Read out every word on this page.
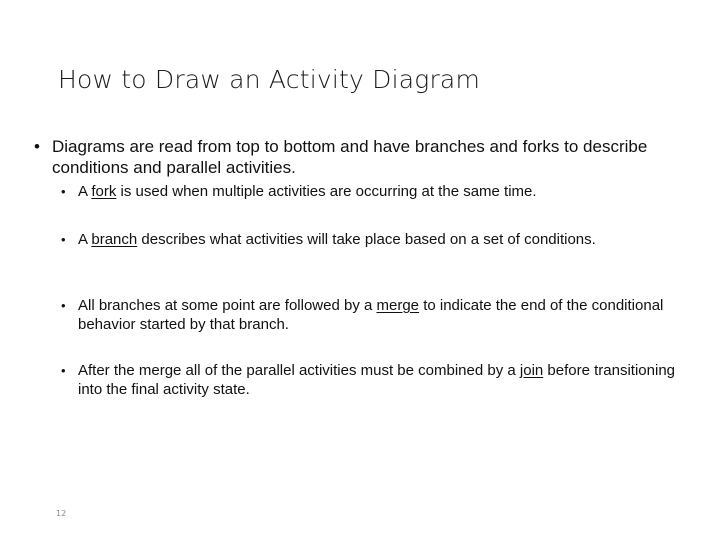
How to Draw an Activity Diagram
• Diagrams are read from top to bottom and have branches and forks to describe conditions and parallel activities.
• A fork is used when multiple activities are occurring at the same time.
• A branch describes what activities will take place based on a set of conditions.
• All branches at some point are followed by a merge to indicate the end of the conditional behavior started by that branch.
• After the merge all of the parallel activities must be combined by a join before transitioning into the final activity state.
12
